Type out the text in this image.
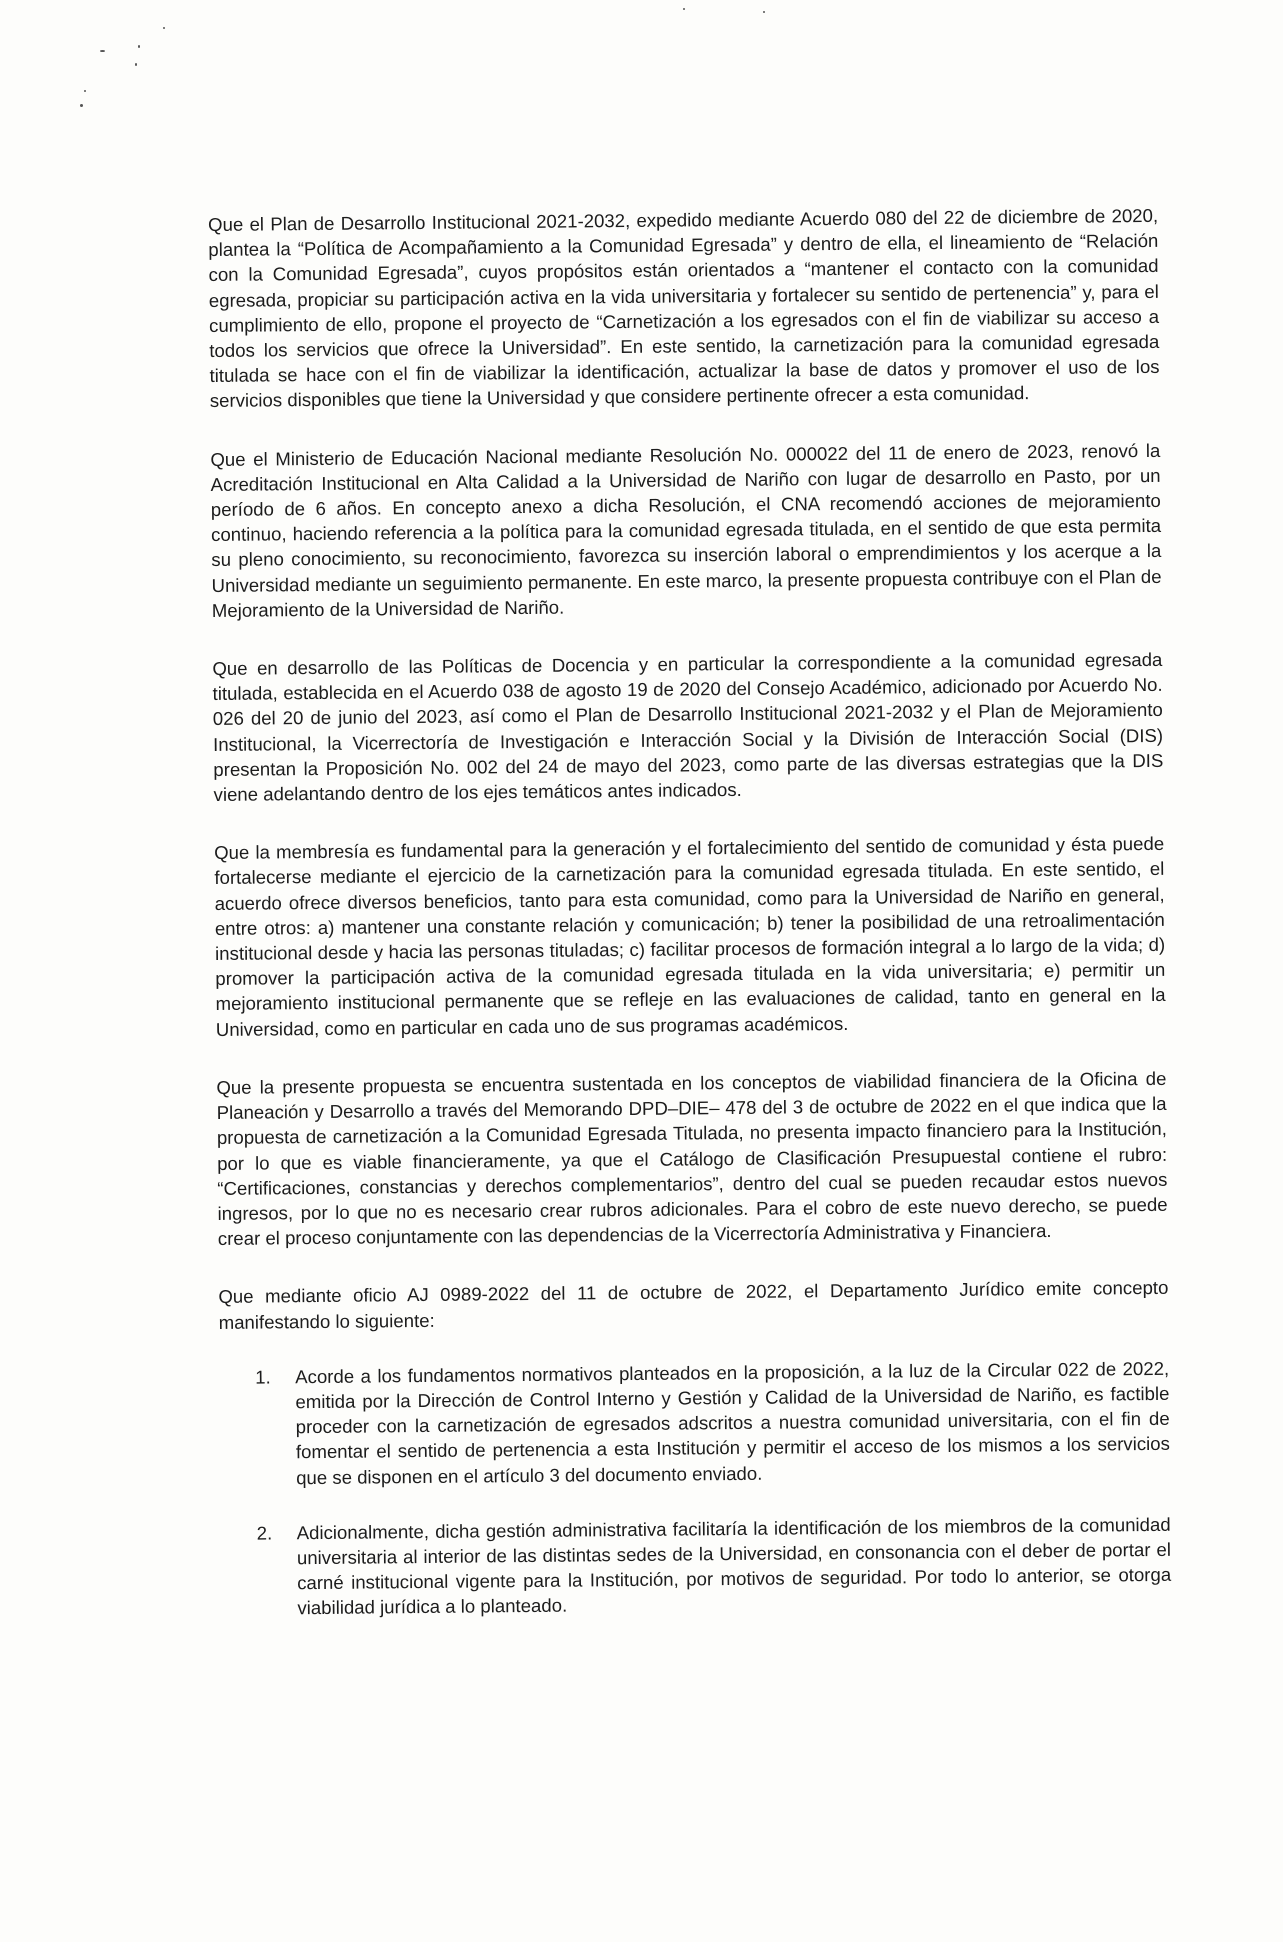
Que el Plan de Desarrollo Institucional 2021-2032, expedido mediante Acuerdo 080 del 22 de diciembre de 2020, plantea la “Política de Acompañamiento a la Comunidad Egresada” y dentro de ella, el lineamiento de “Relación con la Comunidad Egresada”, cuyos propósitos están orientados a “mantener el contacto con la comunidad egresada, propiciar su participación activa en la vida universitaria y fortalecer su sentido de pertenencia” y, para el cumplimiento de ello, propone el proyecto de “Carnetización a los egresados con el fin de viabilizar su acceso a todos los servicios que ofrece la Universidad”. En este sentido, la carnetización para la comunidad egresada titulada se hace con el fin de viabilizar la identificación, actualizar la base de datos y promover el uso de los servicios disponibles que tiene la Universidad y que considere pertinente ofrecer a esta comunidad.

Que el Ministerio de Educación Nacional mediante Resolución No. 000022 del 11 de enero de 2023, renovó la Acreditación Institucional en Alta Calidad a la Universidad de Nariño con lugar de desarrollo en Pasto, por un período de 6 años. En concepto anexo a dicha Resolución, el CNA recomendó acciones de mejoramiento continuo, haciendo referencia a la política para la comunidad egresada titulada, en el sentido de que esta permita su pleno conocimiento, su reconocimiento, favorezca su inserción laboral o emprendimientos y los acerque a la Universidad mediante un seguimiento permanente. En este marco, la presente propuesta contribuye con el Plan de Mejoramiento de la Universidad de Nariño.

Que en desarrollo de las Políticas de Docencia y en particular la correspondiente a la comunidad egresada titulada, establecida en el Acuerdo 038 de agosto 19 de 2020 del Consejo Académico, adicionado por Acuerdo No. 026 del 20 de junio del 2023, así como el Plan de Desarrollo Institucional 2021-2032 y el Plan de Mejoramiento Institucional, la Vicerrectoría de Investigación e Interacción Social y la División de Interacción Social (DIS) presentan la Proposición No. 002 del 24 de mayo del 2023, como parte de las diversas estrategias que la DIS viene adelantando dentro de los ejes temáticos antes indicados.

Que la membresía es fundamental para la generación y el fortalecimiento del sentido de comunidad y ésta puede fortalecerse mediante el ejercicio de la carnetización para la comunidad egresada titulada. En este sentido, el acuerdo ofrece diversos beneficios, tanto para esta comunidad, como para la Universidad de Nariño en general, entre otros: a) mantener una constante relación y comunicación; b) tener la posibilidad de una retroalimentación institucional desde y hacia las personas tituladas; c) facilitar procesos de formación integral a lo largo de la vida; d) promover la participación activa de la comunidad egresada titulada en la vida universitaria; e) permitir un mejoramiento institucional permanente que se refleje en las evaluaciones de calidad, tanto en general en la Universidad, como en particular en cada uno de sus programas académicos.

Que la presente propuesta se encuentra sustentada en los conceptos de viabilidad financiera de la Oficina de Planeación y Desarrollo a través del Memorando DPD–DIE– 478 del 3 de octubre de 2022 en el que indica que la propuesta de carnetización a la Comunidad Egresada Titulada, no presenta impacto financiero para la Institución, por lo que es viable financieramente, ya que el Catálogo de Clasificación Presupuestal contiene el rubro: “Certificaciones, constancias y derechos complementarios”, dentro del cual se pueden recaudar estos nuevos ingresos, por lo que no es necesario crear rubros adicionales. Para el cobro de este nuevo derecho, se puede crear el proceso conjuntamente con las dependencias de la Vicerrectoría Administrativa y Financiera.

Que mediante oficio AJ 0989-2022 del 11 de octubre de 2022, el Departamento Jurídico emite concepto manifestando lo siguiente:

1.	Acorde a los fundamentos normativos planteados en la proposición, a la luz de la Circular 022 de 2022, emitida por la Dirección de Control Interno y Gestión y Calidad de la Universidad de Nariño, es factible proceder con la carnetización de egresados adscritos a nuestra comunidad universitaria, con el fin de fomentar el sentido de pertenencia a esta Institución y permitir el acceso de los mismos a los servicios que se disponen en el artículo 3 del documento enviado.
2.	Adicionalmente, dicha gestión administrativa facilitaría la identificación de los miembros de la comunidad universitaria al interior de las distintas sedes de la Universidad, en consonancia con el deber de portar el carné institucional vigente para la Institución, por motivos de seguridad. Por todo lo anterior, se otorga viabilidad jurídica a lo planteado.
